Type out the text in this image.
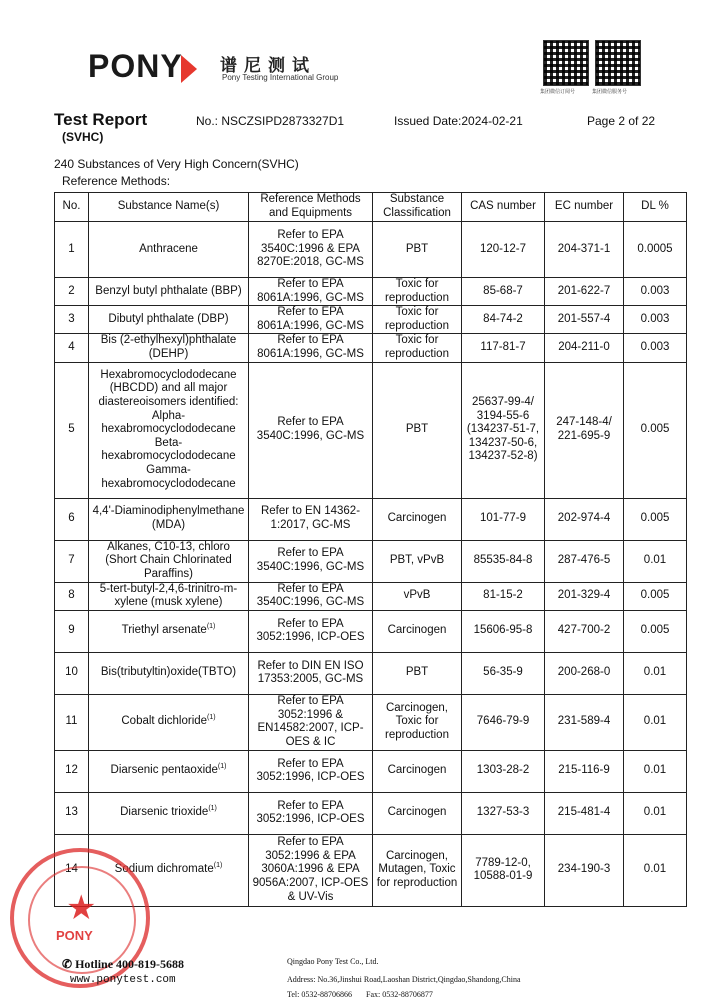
PONY	谱尼测试
Pony Testing International Group
集团微信订阅号	集团微信服务号
Test Report
(SVHC)
No.: NSCZSIPD2873327D1	Issued Date:2024-02-21	Page 2 of 22
240 Substances of Very High Concern(SVHC)
Reference Methods:
No.	Substance Name(s)	Reference Methods and Equipments	Substance Classification	CAS number	EC number	DL %
1	Anthracene	Refer to EPA 3540C:1996 & EPA 8270E:2018, GC-MS	PBT	120-12-7	204-371-1	0.0005
2	Benzyl butyl phthalate (BBP)	Refer to EPA 8061A:1996, GC-MS	Toxic for reproduction	85-68-7	201-622-7	0.003
3	Dibutyl phthalate (DBP)	Refer to EPA 8061A:1996, GC-MS	Toxic for reproduction	84-74-2	201-557-4	0.003
4	Bis (2-ethylhexyl)phthalate (DEHP)	Refer to EPA 8061A:1996, GC-MS	Toxic for reproduction	117-81-7	204-211-0	0.003
5	Hexabromocyclododecane (HBCDD) and all major diastereoisomers identified: Alpha-hexabromocyclododecane Beta-hexabromocyclododecane Gamma-hexabromocyclododecane	Refer to EPA 3540C:1996, GC-MS	PBT	25637-99-4/ 3194-55-6 (134237-51-7, 134237-50-6, 134237-52-8)	247-148-4/ 221-695-9	0.005
6	4,4'-Diaminodiphenylmethane (MDA)	Refer to EN 14362-1:2017, GC-MS	Carcinogen	101-77-9	202-974-4	0.005
7	Alkanes, C10-13, chloro (Short Chain Chlorinated Paraffins)	Refer to EPA 3540C:1996, GC-MS	PBT, vPvB	85535-84-8	287-476-5	0.01
8	5-tert-butyl-2,4,6-trinitro-m-xylene (musk xylene)	Refer to EPA 3540C:1996, GC-MS	vPvB	81-15-2	201-329-4	0.005
9	Triethyl arsenate$^{(1)}$	Refer to EPA 3052:1996, ICP-OES	Carcinogen	15606-95-8	427-700-2	0.005
10	Bis(tributyltin)oxide(TBTO)	Refer to DIN EN ISO 17353:2005, GC-MS	PBT	56-35-9	200-268-0	0.01
11	Cobalt dichloride$^{(1)}$	Refer to EPA 3052:1996 & EN14582:2007, ICP-OES & IC	Carcinogen, Toxic for reproduction	7646-79-9	231-589-4	0.01
12	Diarsenic pentaoxide$^{(1)}$	Refer to EPA 3052:1996, ICP-OES	Carcinogen	1303-28-2	215-116-9	0.01
13	Diarsenic trioxide$^{(1)}$	Refer to EPA 3052:1996, ICP-OES	Carcinogen	1327-53-3	215-481-4	0.01
14	Sodium dichromate$^{(1)}$	Refer to EPA 3052:1996 & EPA 3060A:1996 & EPA 9056A:2007, ICP-OES & UV-Vis	Carcinogen, Mutagen, Toxic for reproduction	7789-12-0, 10588-01-9	234-190-3	0.01
★
PONY
✆ Hotline 400-819-5688
www.ponytest.com
Qingdao Pony Test Co., Ltd.
Address: No.36,Jinshui Road,Laoshan District,Qingdao,Shandong,China
Tel: 0532-88706866 Fax: 0532-88706877
